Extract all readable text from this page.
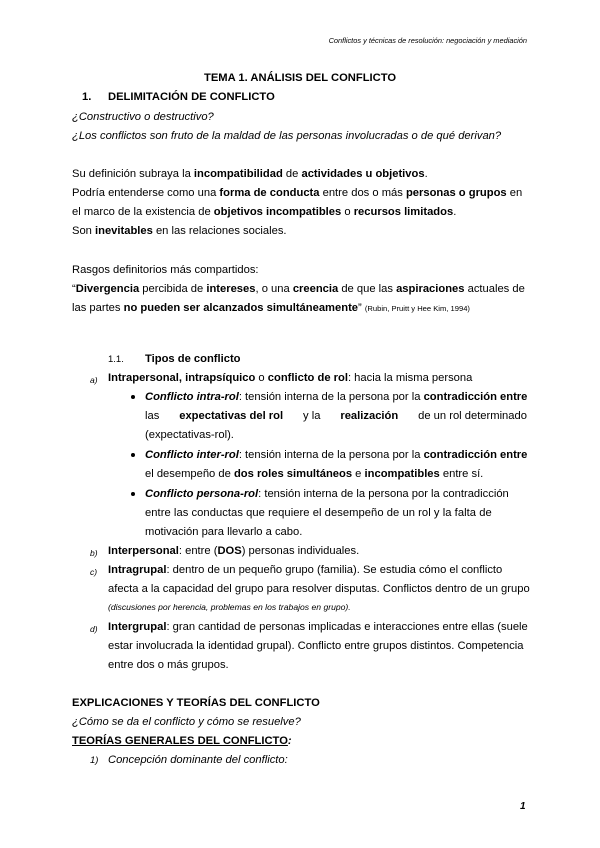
Conflictos y técnicas de resolución: negociación y mediación
TEMA 1. ANÁLISIS DEL CONFLICTO
1. DELIMITACIÓN DE CONFLICTO
¿Constructivo o destructivo?
¿Los conflictos son fruto de la maldad de las personas involucradas o de qué derivan?
Su definición subraya la incompatibilidad de actividades u objetivos.
Podría entenderse como una forma de conducta entre dos o más personas o grupos en
el marco de la existencia de objetivos incompatibles o recursos limitados.
Son inevitables en las relaciones sociales.
Rasgos definitorios más compartidos:
“Divergencia percibida de intereses, o una creencia de que las aspiraciones actuales de
las partes no pueden ser alcanzados simultáneamente” (Rubin, Pruitt y Hee Kim, 1994)
1.1. Tipos de conflicto
a) Intrapersonal, intrapsíquico o conflicto de rol: hacia la misma persona
Conflicto intra-rol: tensión interna de la persona por la contradicción entre
las expectativas del rol y la realización de un rol determinado
(expectativas-rol).
Conflicto inter-rol: tensión interna de la persona por la contradicción entre
el desempeño de dos roles simultáneos e incompatibles entre sí.
Conflicto persona-rol: tensión interna de la persona por la contradicción
entre las conductas que requiere el desempeño de un rol y la falta de
motivación para llevarlo a cabo.
b) Interpersonal: entre (DOS) personas individuales.
c) Intragrupal: dentro de un pequeño grupo (familia). Se estudia cómo el conflicto
afecta a la capacidad del grupo para resolver disputas. Conflictos dentro de un grupo
(discusiones por herencia, problemas en los trabajos en grupo).
d) Intergrupal: gran cantidad de personas implicadas e interacciones entre ellas (suele
estar involucrada la identidad grupal). Conflicto entre grupos distintos. Competencia
entre dos o más grupos.
EXPLICACIONES Y TEORÍAS DEL CONFLICTO
¿Cómo se da el conflicto y cómo se resuelve?
TEORÍAS GENERALES DEL CONFLICTO:
1) Concepción dominante del conflicto:
1
